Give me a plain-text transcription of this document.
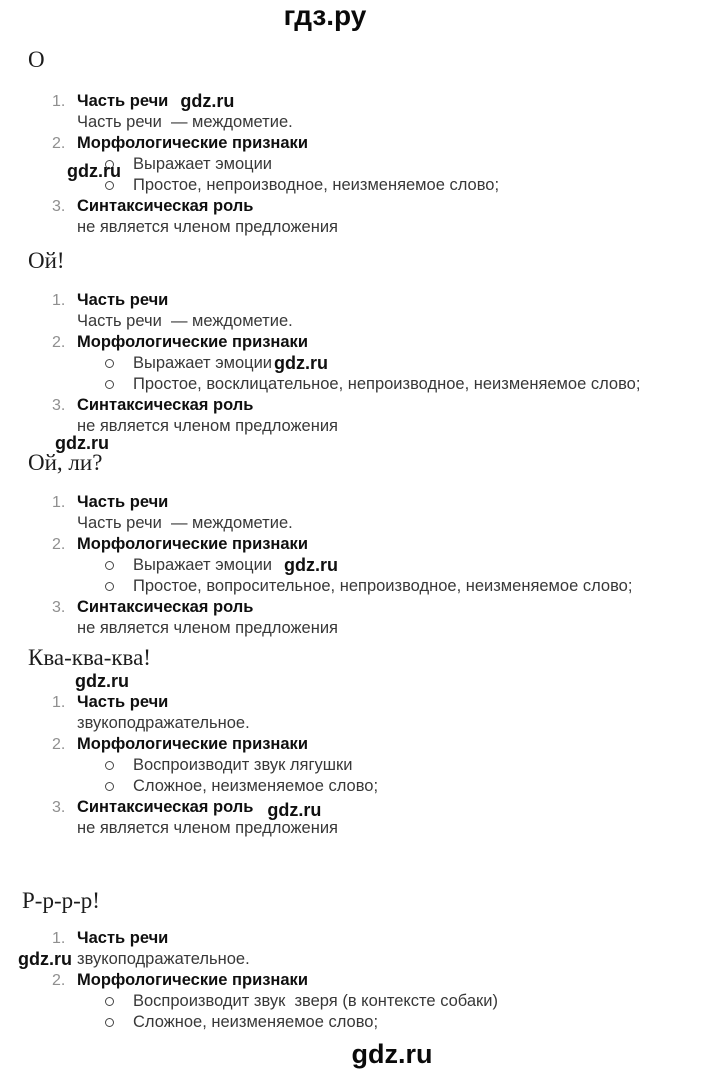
гдз.ру
О
1. Часть речи gdz.ru
Часть речи  — междометие.
2. Морфологические признаки
Выражает эмоции
Простое, непроизводное, неизменяемое слово;
3. Синтаксическая роль
не является членом предложения
gdz.ru
Ой!
1. Часть речи
Часть речи  — междометие.
2. Морфологические признаки
Выражает эмоции gdz.ru
Простое, восклицательное, непроизводное, неизменяемое слово;
3. Синтаксическая роль
не является членом предложения
gdz.ru
Ой, ли?
1. Часть речи
Часть речи  — междометие.
2. Морфологические признаки
Выражает эмоции gdz.ru
Простое, вопросительное, непроизводное, неизменяемое слово;
3. Синтаксическая роль
не является членом предложения
Ква-ква-ква!
gdz.ru
1. Часть речи
звукоподражательное.
2. Морфологические признаки
Воспроизводит звук лягушки
Сложное, неизменяемое слово;
3. Синтаксическая роль gdz.ru
не является членом предложения
Р-р-р-р!
1. Часть речи
звукоподражательное.
2. Морфологические признаки
Воспроизводит звук  зверя (в контексте собаки)
Сложное, неизменяемое слово;
gdz.ru
gdz.ru
